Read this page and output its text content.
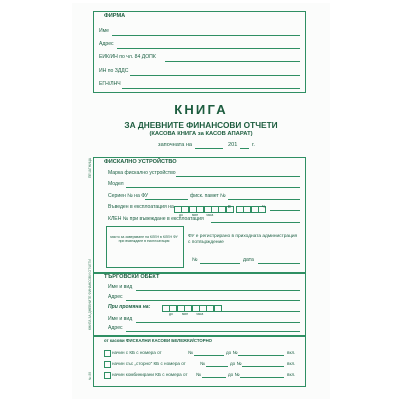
ФИРМА
Име
Адрес
ЕИК/ИН по чл. 84 ДОПК
ИН по ЗДДС
ЕГН/ЛНЧ
КНИГА
ЗА ДНЕВНИТЕ ФИНАНСОВИ ОТЧЕТИ
(КАСОВА КНИГА за КАСОВ АПАРАТ)
започната на	201	г.
ФИСКАЛНО УСТРОЙСТВО
Марка фискално устройство
Модел
Сериен № на ФУ	фиск. памет №
Въведен в експлоатация на
до	мин часа
в	ч.
КЛЕН № при въвеждане в експлоатация
място за заверяване на КЛЕН в КЛЕН ФУ при въвеждане в експлоатация
ФУ е регистрирано в приходната администрация с потвърждение
№	дата
ТЪРГОВСКИ ОБЕКТ
Име и вид
Адрес
При промяна на:
до	мин часа
Име и вид
Адрес
от касови ФИСКАЛНИ КАСОВИ БЕЛЕЖКИ/СТОРНО
начин с КБ с номера от	№	до №	вкл.
начин със „сторно" КБ с номера от	№	до №	вкл.
начин комбинирани КБ с номера от №	до №	вкл.
ПЕЧАТНИЦА
КНИГА ЗА ДНЕВНИТЕ ФИНАНСОВИ ОТЧЕТИ
№ 89
